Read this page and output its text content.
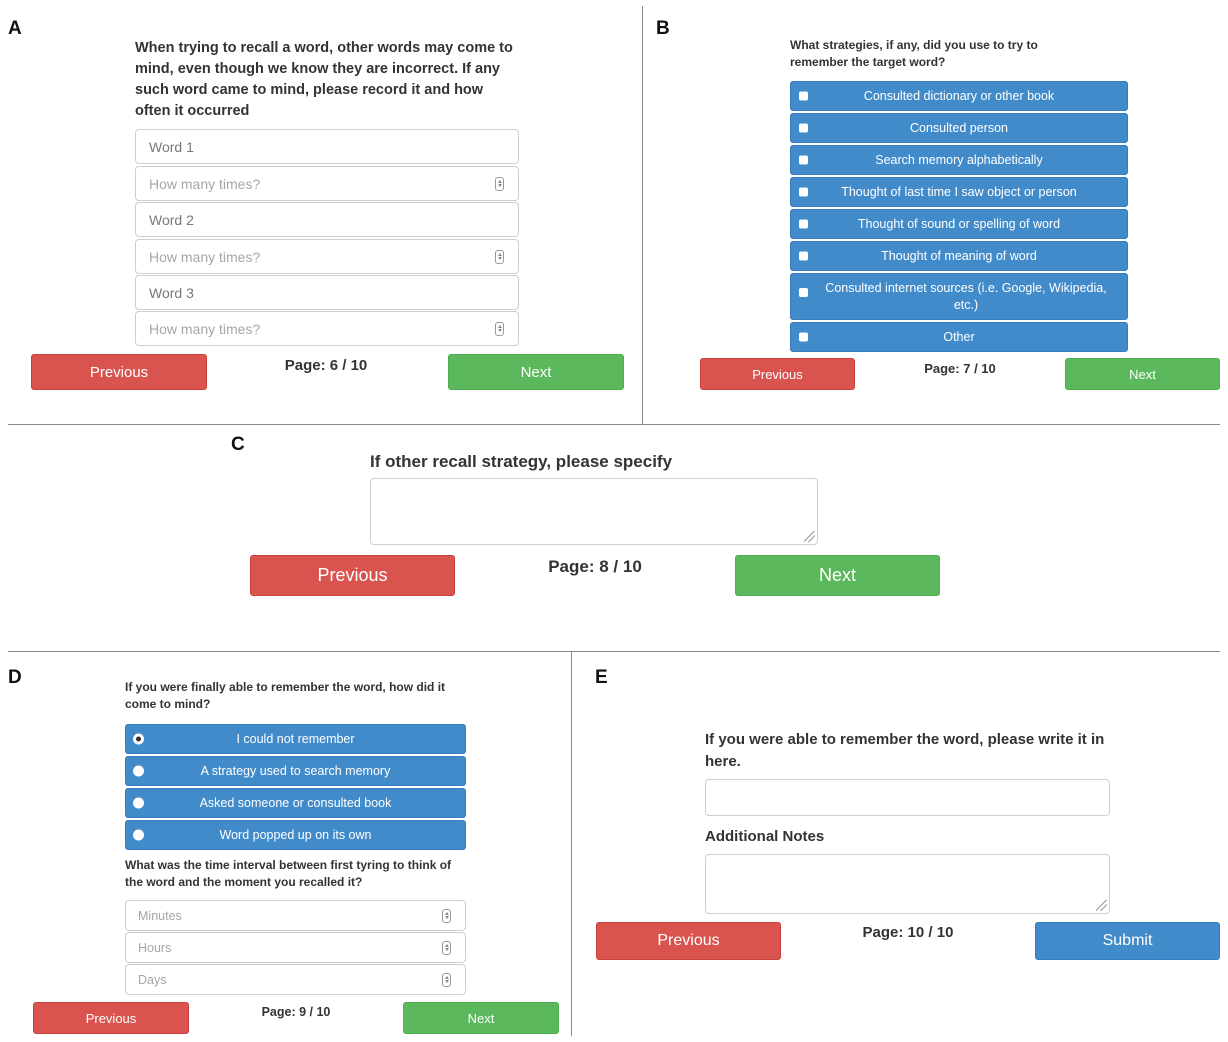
A
When trying to recall a word, other words may come to mind, even though we know they are incorrect. If any such word came to mind, please record it and how often it occurred
Word 1
How many times?
Word 2
How many times?
Word 3
How many times?
Previous	Page: 6 / 10	Next
B
What strategies, if any, did you use to try to remember the target word?
Consulted dictionary or other book
Consulted person
Search memory alphabetically
Thought of last time I saw object or person
Thought of sound or spelling of word
Thought of meaning of word
Consulted internet sources (i.e. Google, Wikipedia, etc.)
Other
Previous	Page: 7 / 10	Next
C
If other recall strategy, please specify
Previous	Page: 8 / 10	Next
D	If you were finally able to remember the word, how did it come to mind?
I could not remember
A strategy used to search memory
Asked someone or consulted book
Word popped up on its own
What was the time interval between first tyring to think of the word and the moment you recalled it?
Minutes
Hours
Days
Previous	Page: 9 / 10	Next
E
If you were able to remember the word, please write it in here.
Additional Notes
Previous	Page: 10 / 10	Submit
